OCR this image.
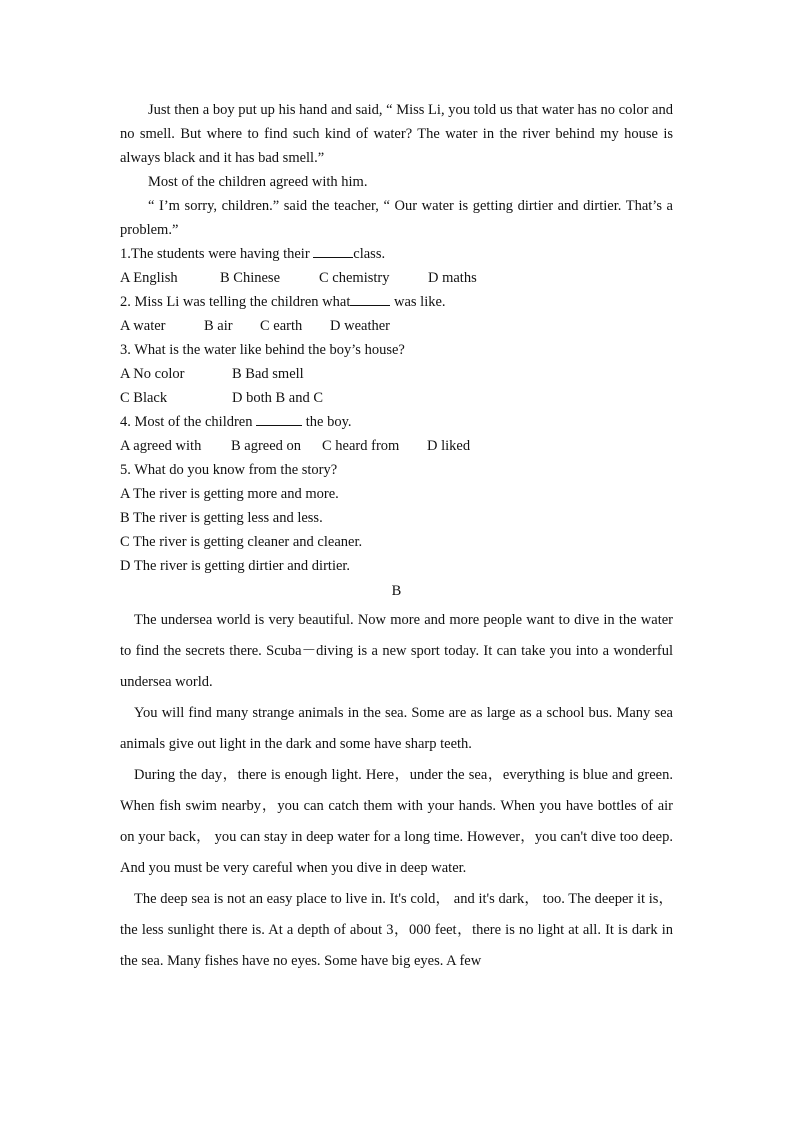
Just then a boy put up his hand and said, “ Miss Li, you told us that water has no color and no smell. But where to find such kind of water? The water in the river behind my house is always black and it has bad smell.”

Most of the children agreed with him.

“ I’m sorry, children.” said the teacher, “ Our water is getting dirtier and dirtier. That’s a problem.”

1.The students were having their	class.
A English	B Chinese	C chemistry	D maths
2. Miss Li was telling the children what	was like.
A water	B air C earth D weather
3. What is the water like behind the boy’s house?
A No color	B Bad smell
C Black	D both B and C
4. Most of the children	the boy.
A agreed with B agreed on C heard from D liked
5. What do you know from the story?
A The river is getting more and more.
B The river is getting less and less.
C The river is getting cleaner and cleaner.
D The river is getting dirtier and dirtier.
B

The undersea world is very beautiful. Now more and more people want to dive in the water to find the secrets there. Scuba－diving is a new sport today. It can take you into a wonderful undersea world.

You will find many strange animals in the sea. Some are as large as a school bus. Many sea animals give out light in the dark and some have sharp teeth.

During the day，there is enough light. Here，under the sea，everything is blue and green. When fish swim nearby，you can catch them with your hands. When you have bottles of air on your back， you can stay in deep water for a long time. However，you can't dive too deep. And you must be very careful when you dive in deep water.

The deep sea is not an easy place to live in. It's cold， and it's dark， too. The deeper it is， the less sunlight there is. At a depth of about 3，000 feet，there is no light at all. It is dark in the sea. Many fishes have no eyes. Some have big eyes. A few
